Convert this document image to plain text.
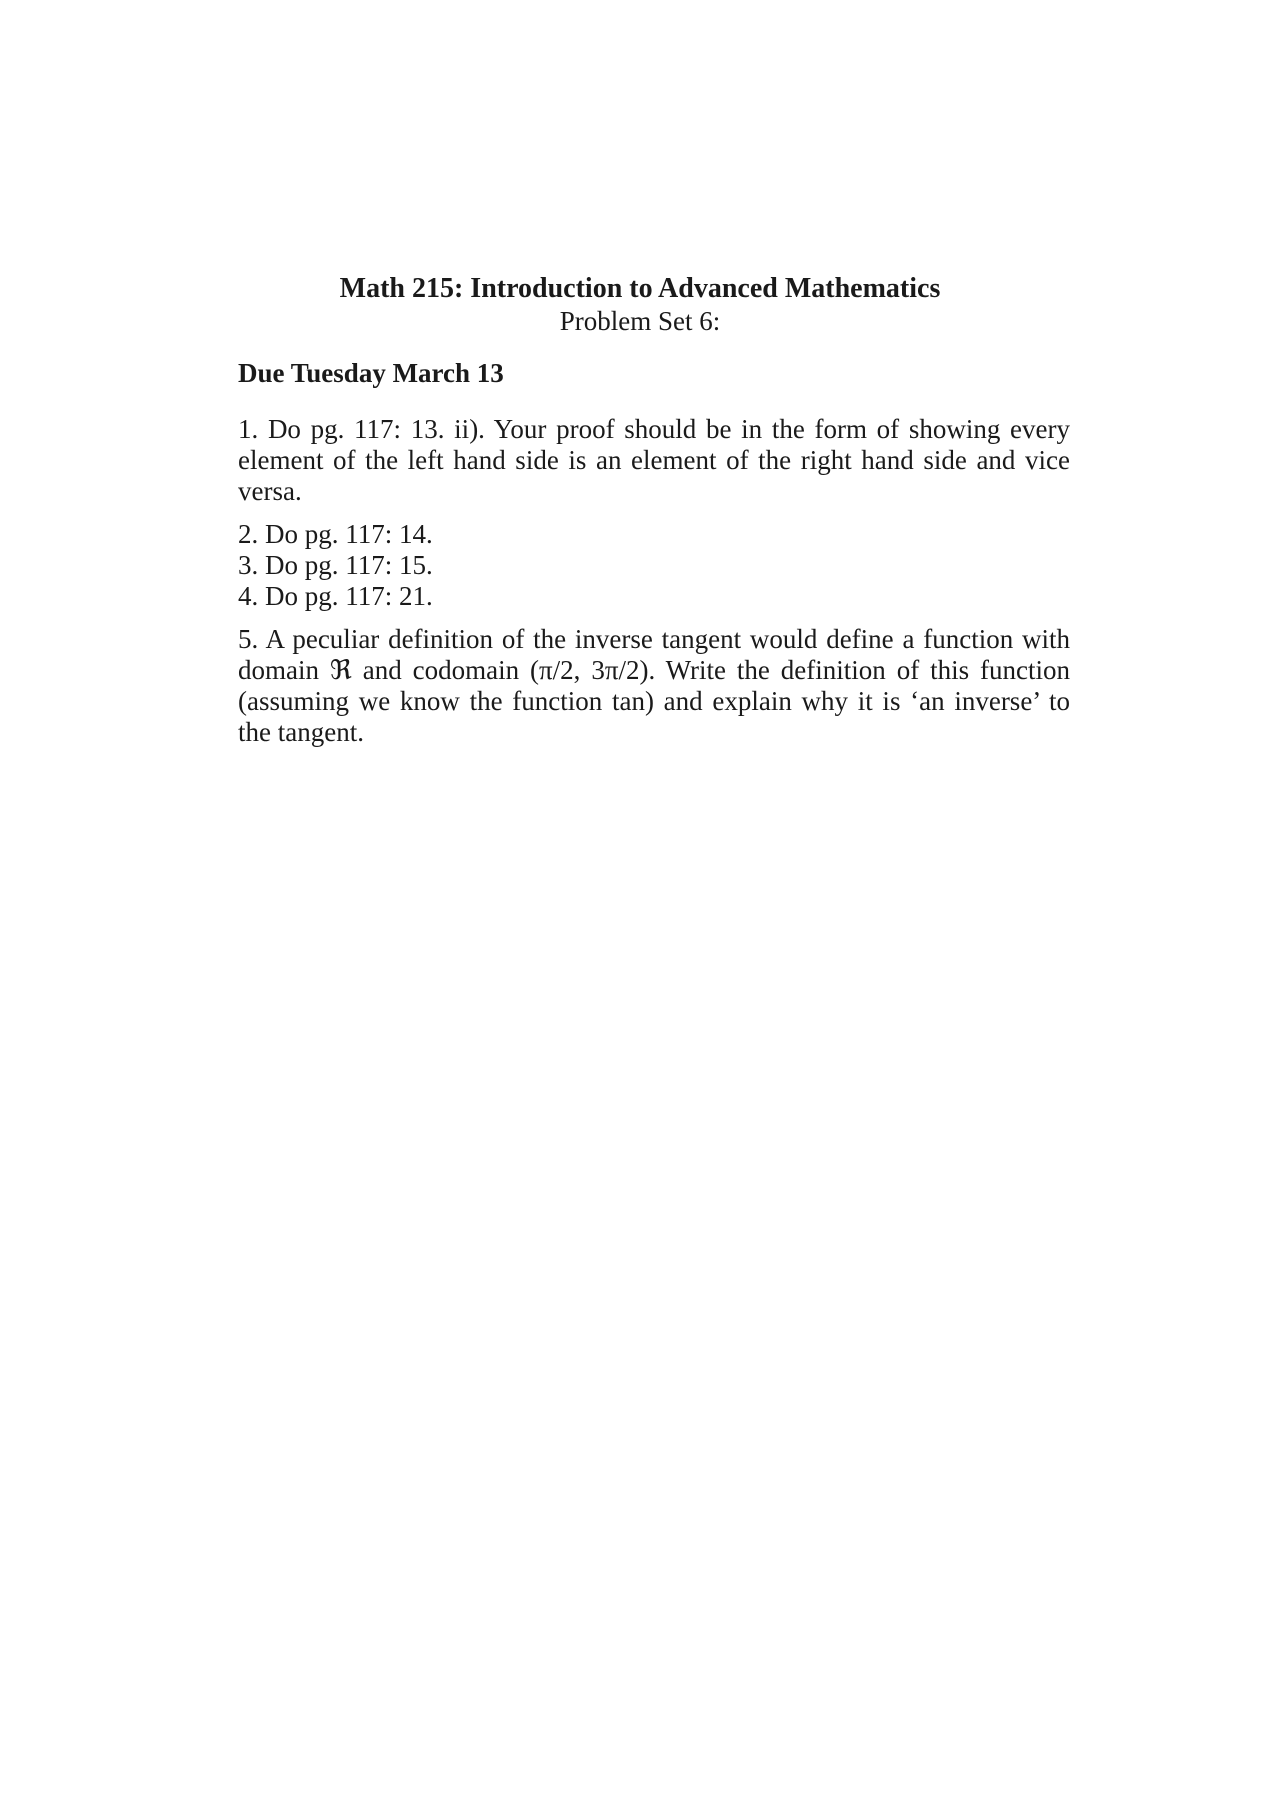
Math 215: Introduction to Advanced Mathematics

Problem Set 6:

Due Tuesday March 13

1. Do pg. 117: 13. ii). Your proof should be in the form of showing every element of the left hand side is an element of the right hand side and vice versa.

2. Do pg. 117: 14.
3. Do pg. 117: 15.
4. Do pg. 117: 21.

5. A peculiar definition of the inverse tangent would define a function with domain ℜ and codomain (π/2, 3π/2). Write the definition of this function (assuming we know the function tan) and explain why it is ‘an inverse’ to the tangent.
